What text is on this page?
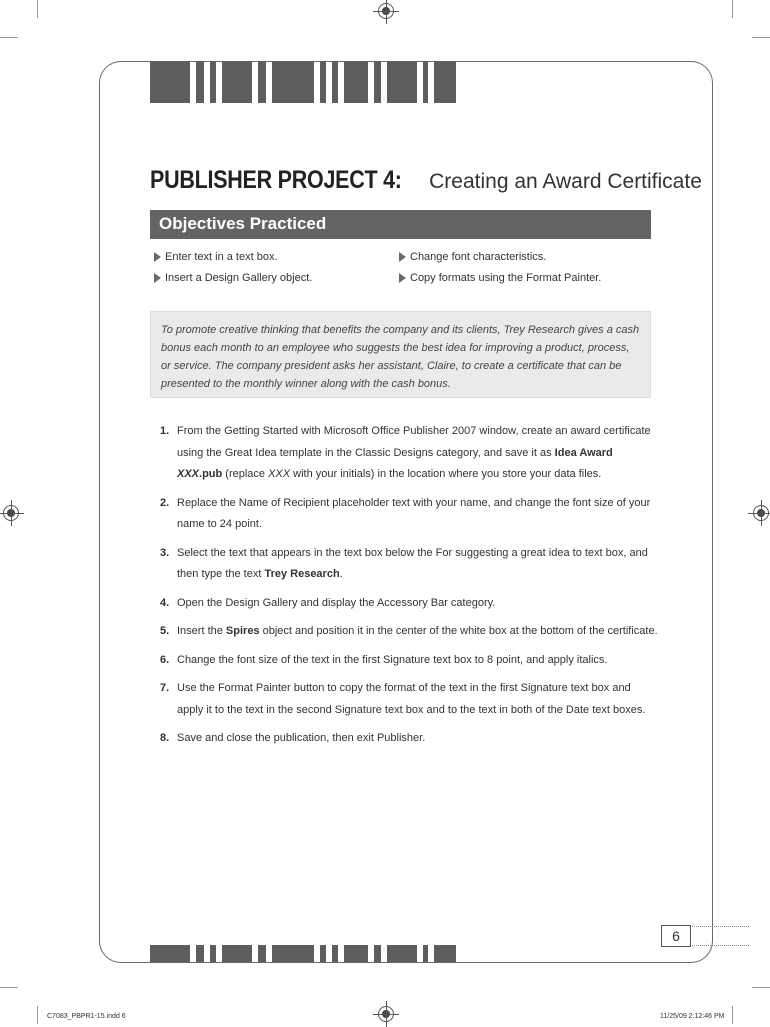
PUBLISHER PROJECT 4: Creating an Award Certificate
Objectives Practiced
Enter text in a text box.	Change font characteristics.
Insert a Design Gallery object.	Copy formats using the Format Painter.

To promote creative thinking that benefits the company and its clients, Trey Research gives a cash bonus each month to an employee who suggests the best idea for improving a product, process, or service. The company president asks her assistant, Claire, to create a certificate that can be presented to the monthly winner along with the cash bonus.

1. From the Getting Started with Microsoft Office Publisher 2007 window, create an award certificate using the Great Idea template in the Classic Designs category, and save it as Idea Award XXX.pub (replace XXX with your initials) in the location where you store your data files.
2. Replace the Name of Recipient placeholder text with your name, and change the font size of your name to 24 point.
3. Select the text that appears in the text box below the For suggesting a great idea to text box, and then type the text Trey Research.
4. Open the Design Gallery and display the Accessory Bar category.
5. Insert the Spires object and position it in the center of the white box at the bottom of the certificate.
6. Change the font size of the text in the first Signature text box to 8 point, and apply italics.
7. Use the Format Painter button to copy the format of the text in the first Signature text box and apply it to the text in the second Signature text box and to the text in both of the Date text boxes.
8. Save and close the publication, then exit Publisher.
6
C7083_PBPR1-15.indd 6	11/25/09 2:12:46 PM
